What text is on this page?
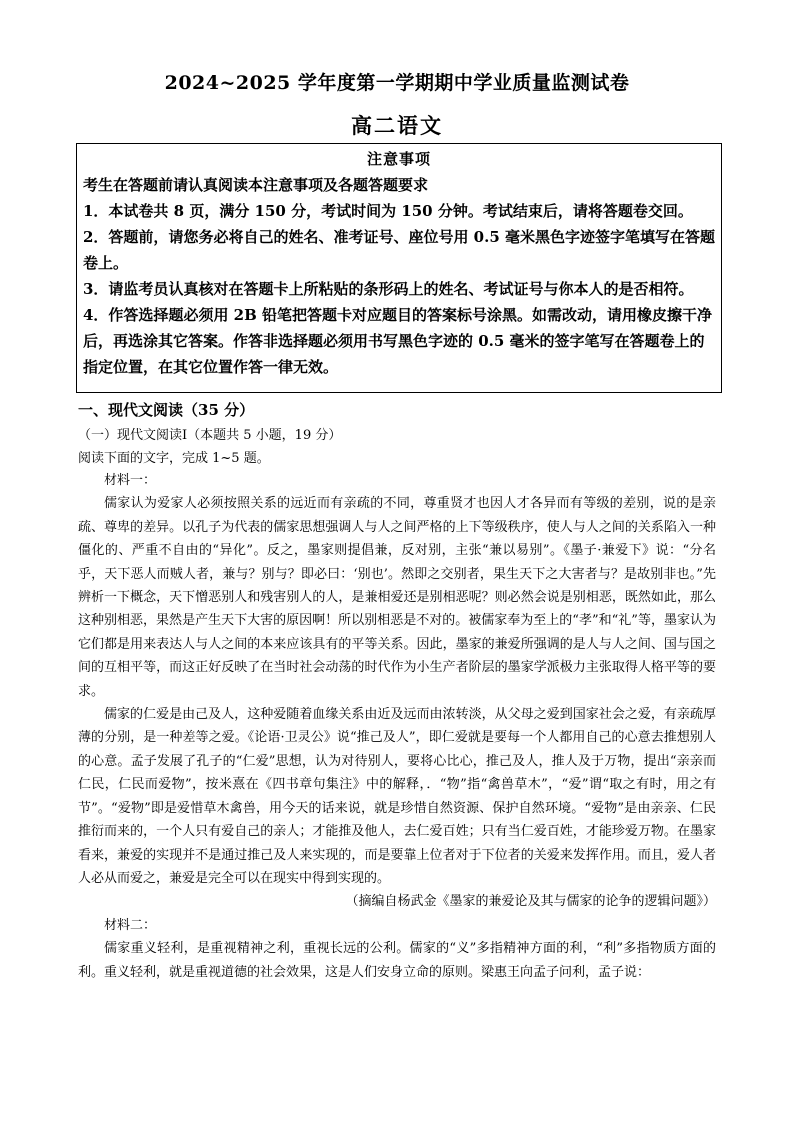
2024~2025 学年度第一学期期中学业质量监测试卷
高二语文
注意事项

考生在答题前请认真阅读本注意事项及各题答题要求

1．本试卷共 8 页，满分 150 分，考试时间为 150 分钟。考试结束后，请将答题卷交回。

2．答题前，请您务必将自己的姓名、准考证号、座位号用 0.5 毫米黑色字迹签字笔填写在答题卷上。

3．请监考员认真核对在答题卡上所粘贴的条形码上的姓名、考试证号与你本人的是否相符。

4．作答选择题必须用 2B 铅笔把答题卡对应题目的答案标号涂黑。如需改动，请用橡皮擦干净后，再选涂其它答案。作答非选择题必须用书写黑色字迹的 0.5 毫米的签字笔写在答题卷上的指定位置，在其它位置作答一律无效。

一、现代文阅读（35 分）
（一）现代文阅读Ⅰ（本题共 5 小题，19 分）
阅读下面的文字，完成 1~5 题。

材料一：

儒家认为爱家人必须按照关系的远近而有亲疏的不同，尊重贤才也因人才各异而有等级的差别，说的是亲疏、尊卑的差异。以孔子为代表的儒家思想强调人与人之间严格的上下等级秩序，使人与人之间的关系陷入一种僵化的、严重不自由的“异化”。反之，墨家则提倡兼，反对别，主张“兼以易别”。《墨子·兼爱下》说：“分名乎，天下恶人而贼人者，兼与？别与？即必曰：‘别也’。然即之交别者，果生天下之大害者与？是故别非也。”先辨析一下概念，天下憎恶别人和残害别人的人，是兼相爱还是别相恶呢？则必然会说是别相恶，既然如此，那么这种别相恶，果然是产生天下大害的原因啊！所以别相恶是不对的。被儒家奉为至上的“孝”和“礼”等，墨家认为它们都是用来表达人与人之间的本来应该具有的平等关系。因此，墨家的兼爱所强调的是人与人之间、国与国之间的互相平等，而这正好反映了在当时社会动荡的时代作为小生产者阶层的墨家学派极力主张取得人格平等的要求。

儒家的仁爱是由己及人，这种爱随着血缘关系由近及远而由浓转淡，从父母之爱到国家社会之爱，有亲疏厚薄的分别，是一种差等之爱。《论语·卫灵公》说“推己及人”，即仁爱就是要每一个人都用自己的心意去推想别人的心意。孟子发展了孔子的“仁爱”思想，认为对待别人，要将心比心，推己及人，推人及于万物，提出“亲亲而仁民，仁民而爱物”，按米熹在《四书章句集注》中的解释，．“物”指“禽兽草木”，“爱”谓“取之有时，用之有节”。“爱物”即是爱惜草木禽兽，用今天的话来说，就是珍惜自然资源、保护自然环境。“爱物”是由亲亲、仁民推衍而来的，一个人只有爱自己的亲人；才能推及他人，去仁爱百姓；只有当仁爱百姓，才能珍爱万物。在墨家看来，兼爱的实现并不是通过推己及人来实现的，而是要靠上位者对于下位者的关爱来发挥作用。而且，爱人者人必从而爱之，兼爱是完全可以在现实中得到实现的。

（摘编自杨武金《墨家的兼爱论及其与儒家的论争的逻辑问题》）

材料二：

儒家重义轻利，是重视精神之利，重视长远的公利。儒家的“义”多指精神方面的利，“利”多指物质方面的利。重义轻利，就是重视道德的社会效果，这是人们安身立命的原则。梁惠王向孟子问利，孟子说：
